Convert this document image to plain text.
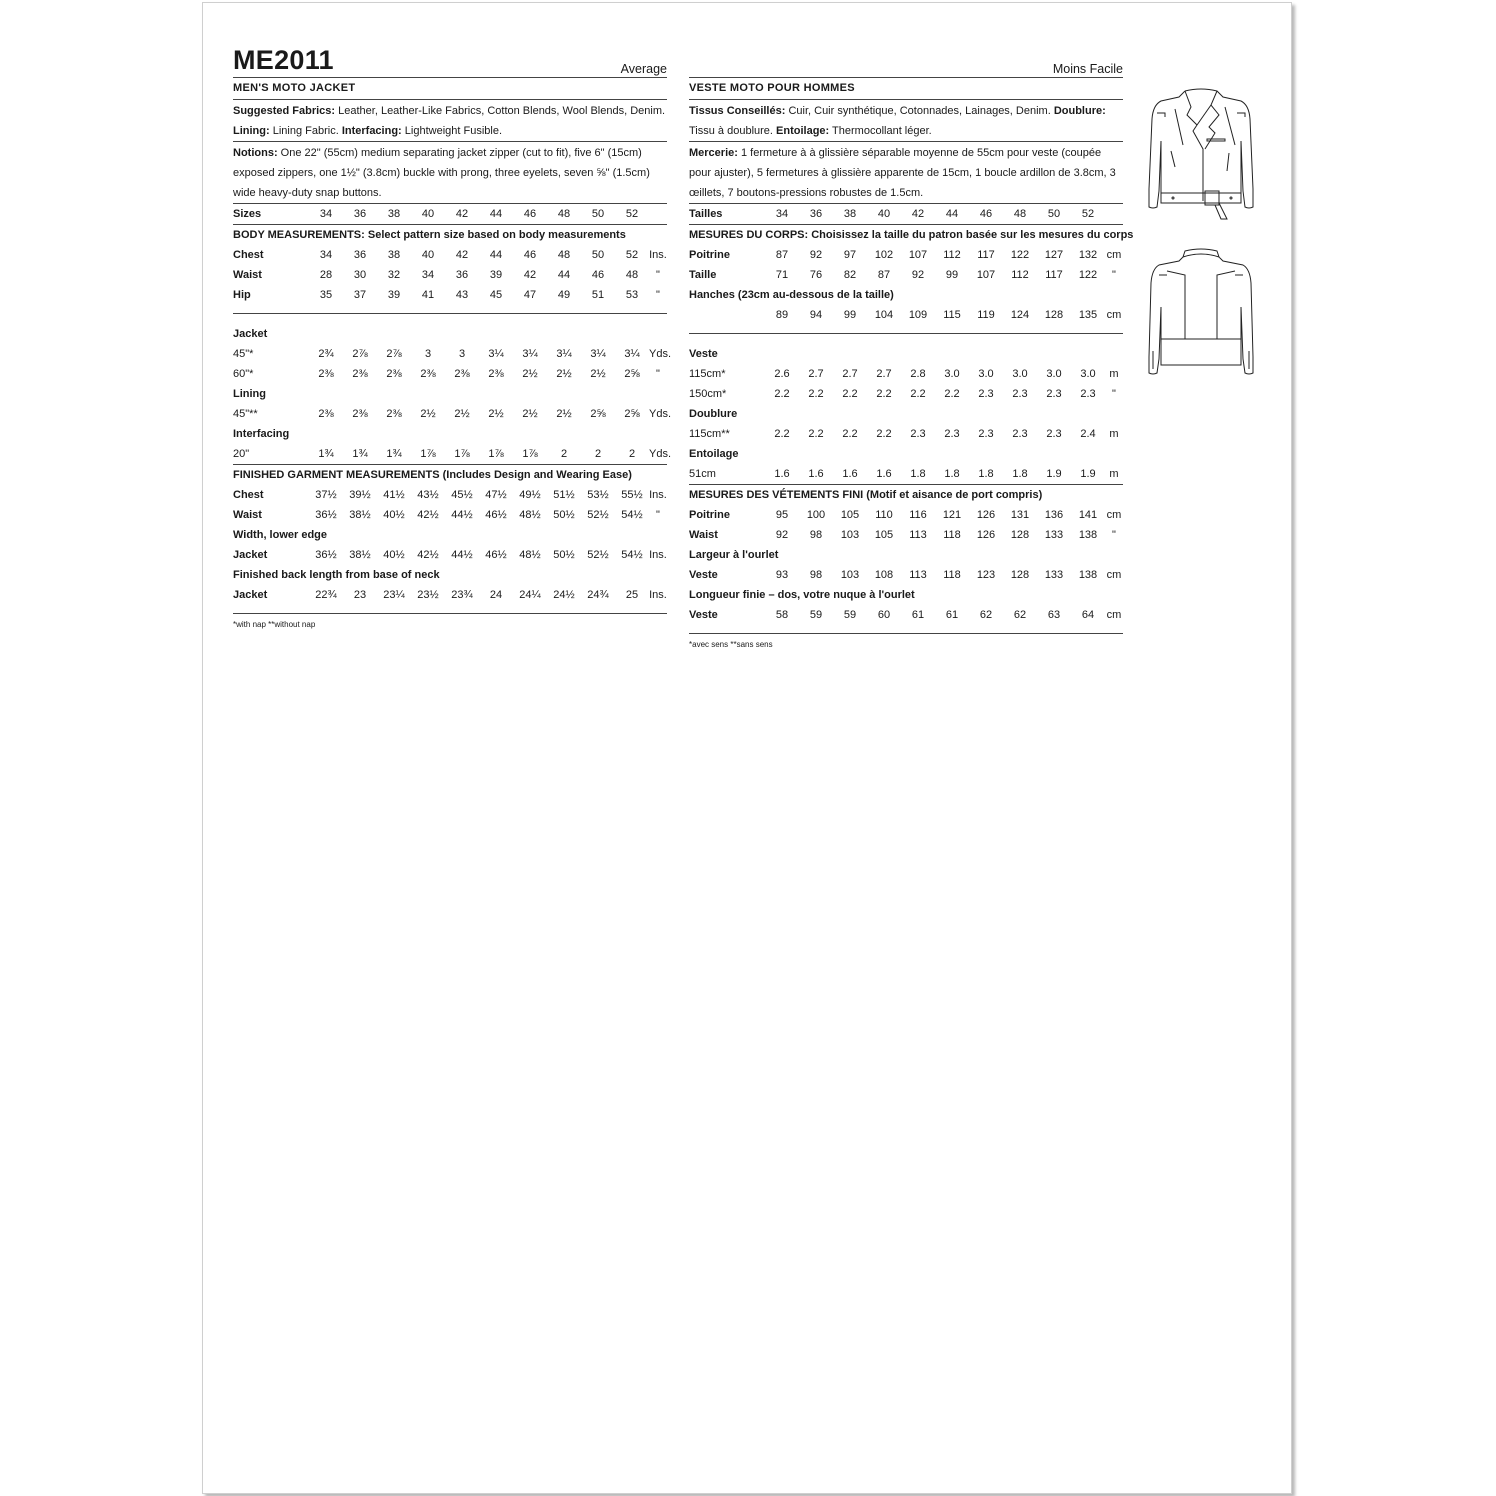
ME2011	Average
MEN'S MOTO JACKET
Suggested Fabrics: Leather, Leather-Like Fabrics, Cotton Blends, Wool Blends, Denim.
Lining: Lining Fabric. Interfacing: Lightweight Fusible.
Notions: One 22" (55cm) medium separating jacket zipper (cut to fit), five 6" (15cm) exposed zippers, one 1½" (3.8cm) buckle with prong, three eyelets, seven ⅝" (1.5cm) wide heavy-duty snap buttons.
Sizes	34	36	38	40	42	44	46	48	50	52
BODY MEASUREMENTS: Select pattern size based on body measurements
Chest	34	36	38	40	42	44	46	48	50	52	Ins.
Waist	28	30	32	34	36	39	42	44	46	48	"
Hip	35	37	39	41	43	45	47	49	51	53	"
Jacket
45"*	2¾	2⅞	2⅞	3	3	3¼	3¼	3¼	3¼	3¼ Yds.
60"*	2⅜	2⅜	2⅜	2⅜	2⅜	2⅜	2½	2½	2½	2⅝	"
Lining
45"**	2⅜	2⅜	2⅜	2½	2½	2½	2½	2½	2⅝	2⅝ Yds.
Interfacing
20"	1¾	1¾	1¾	1⅞	1⅞	1⅞	1⅞	2	2	2	Yds.
FINISHED GARMENT MEASUREMENTS (Includes Design and Wearing Ease)
Chest	37½	39½	41½	43½	45½	47½	49½	51½	53½	55½ Ins.
Waist	36½	38½	40½	42½	44½	46½	48½	50½	52½	54½	"
Width, lower edge
Jacket	36½	38½	40½	42½	44½	46½	48½	50½	52½	54½ Ins.
Finished back length from base of neck
Jacket	22¾	23	23¼	23½	23¾	24	24¼	24½	24¾	25	Ins.
*with nap **without nap
Moins Facile
VESTE MOTO POUR HOMMES
Tissus Conseillés: Cuir, Cuir synthétique, Cotonnades, Lainages, Denim. Doublure: Tissu à doublure. Entoilage: Thermocollant léger.
Mercerie: 1 fermeture à à glissière séparable moyenne de 55cm pour veste (coupée pour ajuster), 5 fermetures à glissière apparente de 15cm, 1 boucle ardillon de 3.8cm, 3 œillets, 7 boutons-pressions robustes de 1.5cm.
Tailles	34	36	38	40	42	44	46	48	50	52
MESURES DU CORPS: Choisissez la taille du patron basée sur les mesures du corps
Poitrine	87	92	97	102	107	112	117	122	127	132 cm
Taille	71	76	82	87	92	99	107	112	117	122	"
Hanches (23cm au-dessous de la taille)
89	94	99	104	109	115	119	124	128	135 cm
Veste
115cm*	2.6	2.7	2.7	2.7	2.8	3.0	3.0	3.0	3.0	3.0	m
150cm*	2.2	2.2	2.2	2.2	2.2	2.2	2.3	2.3	2.3	2.3	"
Doublure
115cm**	2.2	2.2	2.2	2.2	2.3	2.3	2.3	2.3	2.3	2.4	m
Entoilage
51cm	1.6	1.6	1.6	1.6	1.8	1.8	1.8	1.8	1.9	1.9	m
MESURES DES VÉTEMENTS FINI (Motif et aisance de port compris)
Poitrine	95	100	105	110	116	121	126	131	136	141 cm
Waist	92	98	103	105	113	118	126	128	133	138	"
Largeur à l'ourlet
Veste	93	98	103	108	113	118	123	128	133	138 cm
Longueur finie – dos, votre nuque à l'ourlet
Veste	58	59	59	60	61	61	62	62	63	64	cm
*avec sens **sans sens
